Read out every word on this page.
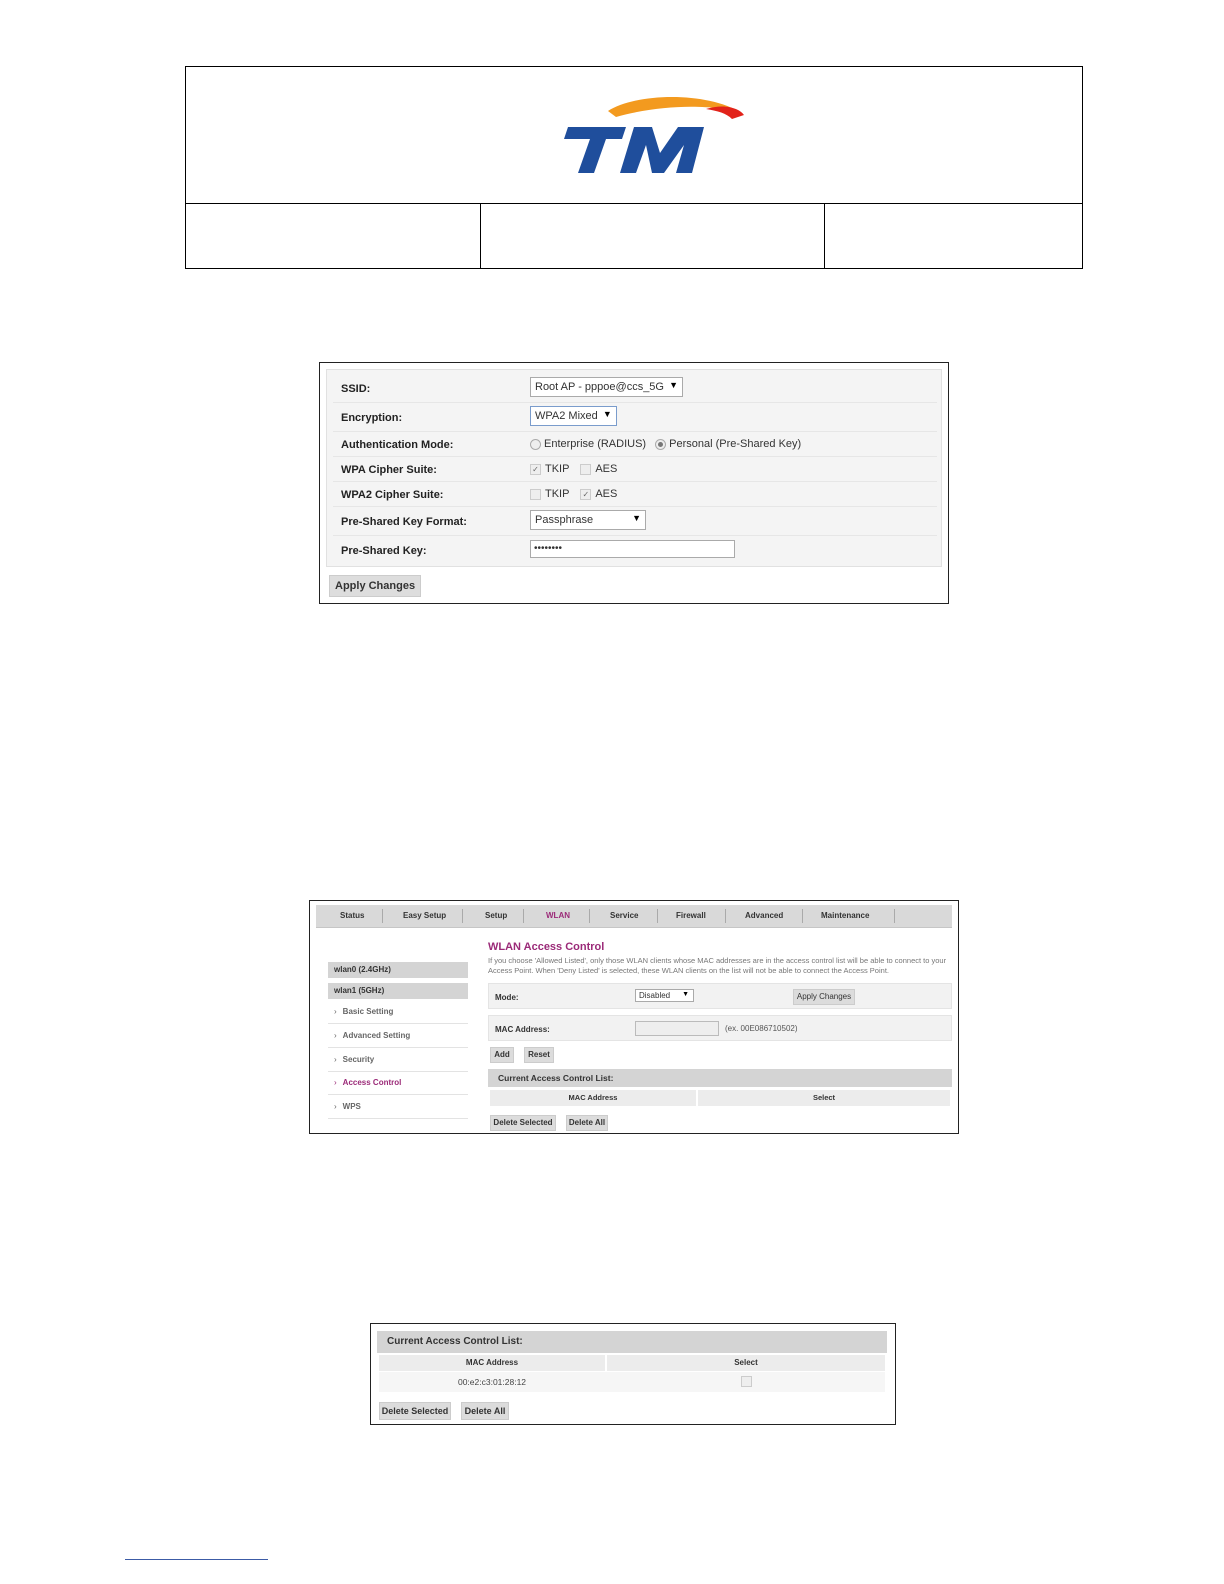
SSID:	Root AP - pppoe@ccs_5G ▼
Encryption:	WPA2 Mixed ▼
Authentication Mode:	Enterprise (RADIUS) Personal (Pre-Shared Key)
WPA Cipher Suite:	✓ TKIP AES
WPA2 Cipher Suite:	TKIP ✓ AES
Pre-Shared Key Format:	Passphrase	▼
Pre-Shared Key:	••••••••
Apply Changes
Status	Easy Setup	Setup	WLAN	Service	Firewall	Advanced	Maintenance
wlan0 (2.4GHz)
wlan1 (5GHz)
› Basic Setting
› Advanced Setting
› Security
› Access Control
› WPS
WLAN Access Control
If you choose 'Allowed Listed', only those WLAN clients whose MAC addresses are in the access control list will be able to connect to your Access Point. When 'Deny Listed' is selected, these WLAN clients on the list will not be able to connect the Access Point.
Mode:	Disabled ▼	Apply Changes
MAC Address:	(ex. 00E086710502)
Add	Reset
Current Access Control List:
MAC Address	Select
Delete Selected	Delete All
Current Access Control List:
MAC Address	Select
00:e2:c3:01:28:12
Delete Selected	Delete All
